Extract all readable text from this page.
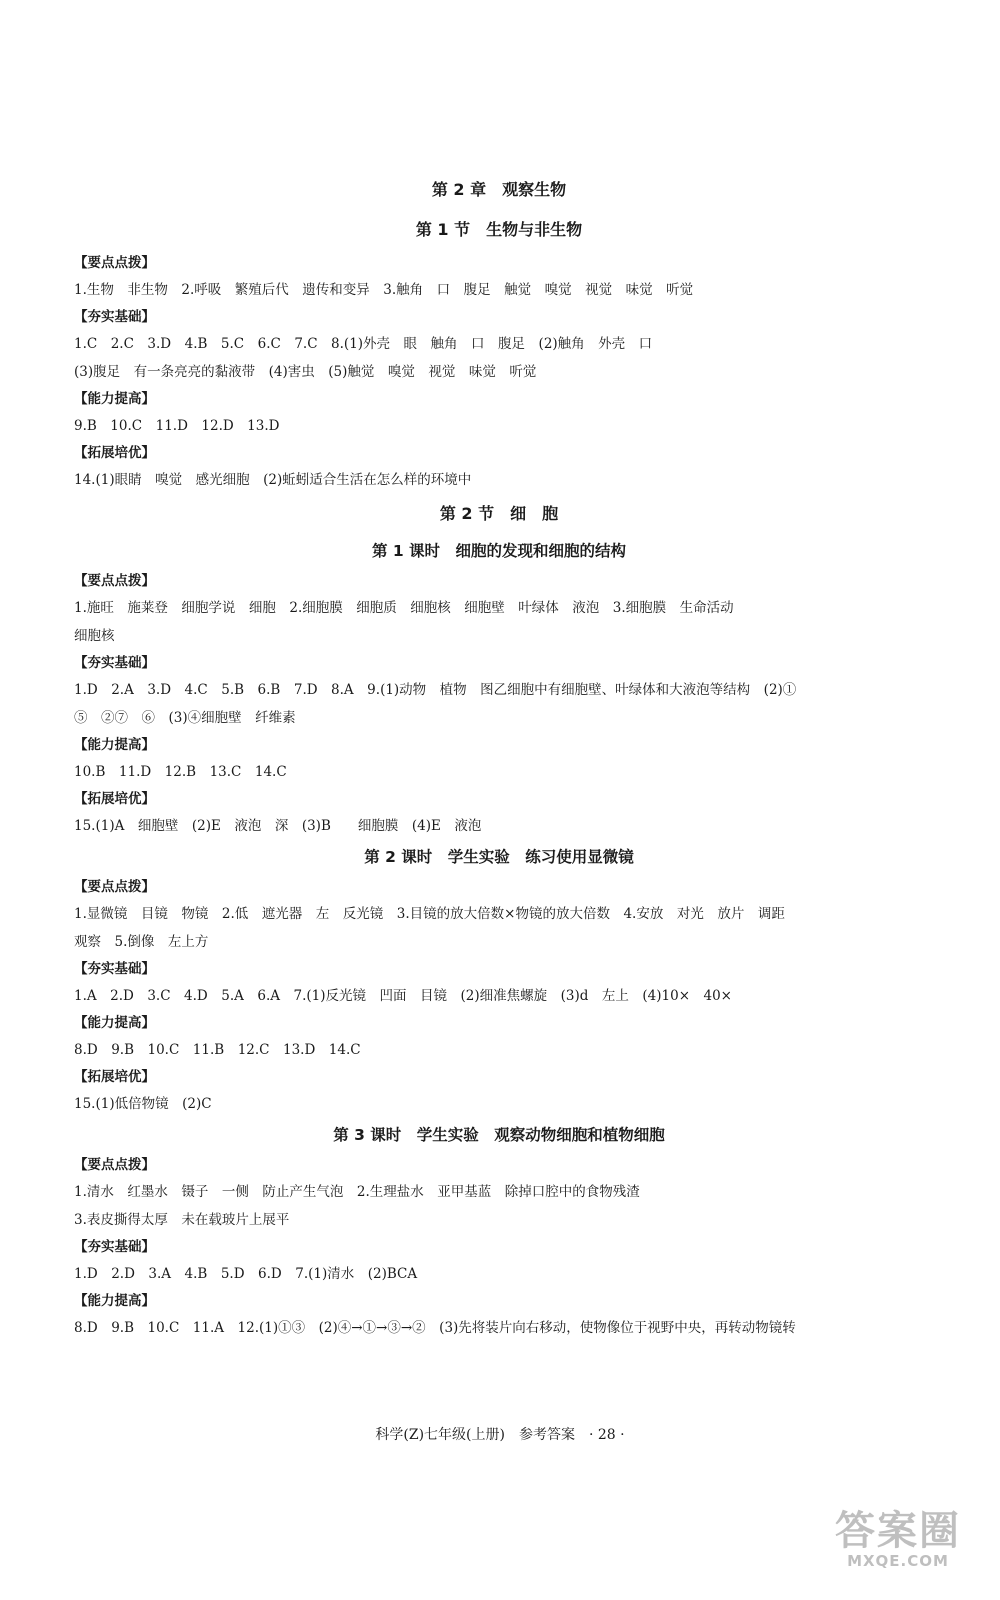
第 2 章　观察生物
第 1 节　生物与非生物
【要点点拨】
1.生物　非生物　2.呼吸　繁殖后代　遗传和变异　3.触角　口　腹足　触觉　嗅觉　视觉　味觉　听觉
【夯实基础】
1.C　2.C　3.D　4.B　5.C　6.C　7.C　8.(1)外壳　眼　触角　口　腹足　(2)触角　外壳　口
(3)腹足　有一条亮亮的黏液带　(4)害虫　(5)触觉　嗅觉　视觉　味觉　听觉
【能力提高】
9.B　10.C　11.D　12.D　13.D
【拓展培优】
14.(1)眼睛　嗅觉　感光细胞　(2)蚯蚓适合生活在怎么样的环境中
第 2 节　细　胞
第 1 课时　细胞的发现和细胞的结构
【要点点拨】
1.施旺　施莱登　细胞学说　细胞　2.细胞膜　细胞质　细胞核　细胞壁　叶绿体　液泡　3.细胞膜　生命活动
细胞核
【夯实基础】
1.D　2.A　3.D　4.C　5.B　6.B　7.D　8.A　9.(1)动物　植物　图乙细胞中有细胞壁、叶绿体和大液泡等结构　(2)①
⑤　②⑦　⑥　(3)④细胞壁　纤维素
【能力提高】
10.B　11.D　12.B　13.C　14.C
【拓展培优】
15.(1)A　细胞壁　(2)E　液泡　深　(3)B　　细胞膜　(4)E　液泡
第 2 课时　学生实验　练习使用显微镜
【要点点拨】
1.显微镜　目镜　物镜　2.低　遮光器　左　反光镜　3.目镜的放大倍数×物镜的放大倍数　4.安放　对光　放片　调距
观察　5.倒像　左上方
【夯实基础】
1.A　2.D　3.C　4.D　5.A　6.A　7.(1)反光镜　凹面　目镜　(2)细准焦螺旋　(3)d　左上　(4)10×　40×
【能力提高】
8.D　9.B　10.C　11.B　12.C　13.D　14.C
【拓展培优】
15.(1)低倍物镜　(2)C
第 3 课时　学生实验　观察动物细胞和植物细胞
【要点点拨】
1.清水　红墨水　镊子　一侧　防止产生气泡　2.生理盐水　亚甲基蓝　除掉口腔中的食物残渣
3.表皮撕得太厚　未在载玻片上展平
【夯实基础】
1.D　2.D　3.A　4.B　5.D　6.D　7.(1)清水　(2)BCA
【能力提高】
8.D　9.B　10.C　11.A　12.(1)①③　(2)④→①→③→②　(3)先将装片向右移动，使物像位于视野中央，再转动物镜转
科学(Z)七年级(上册)　参考答案　· 28 ·
答案圈
MXQE.COM
